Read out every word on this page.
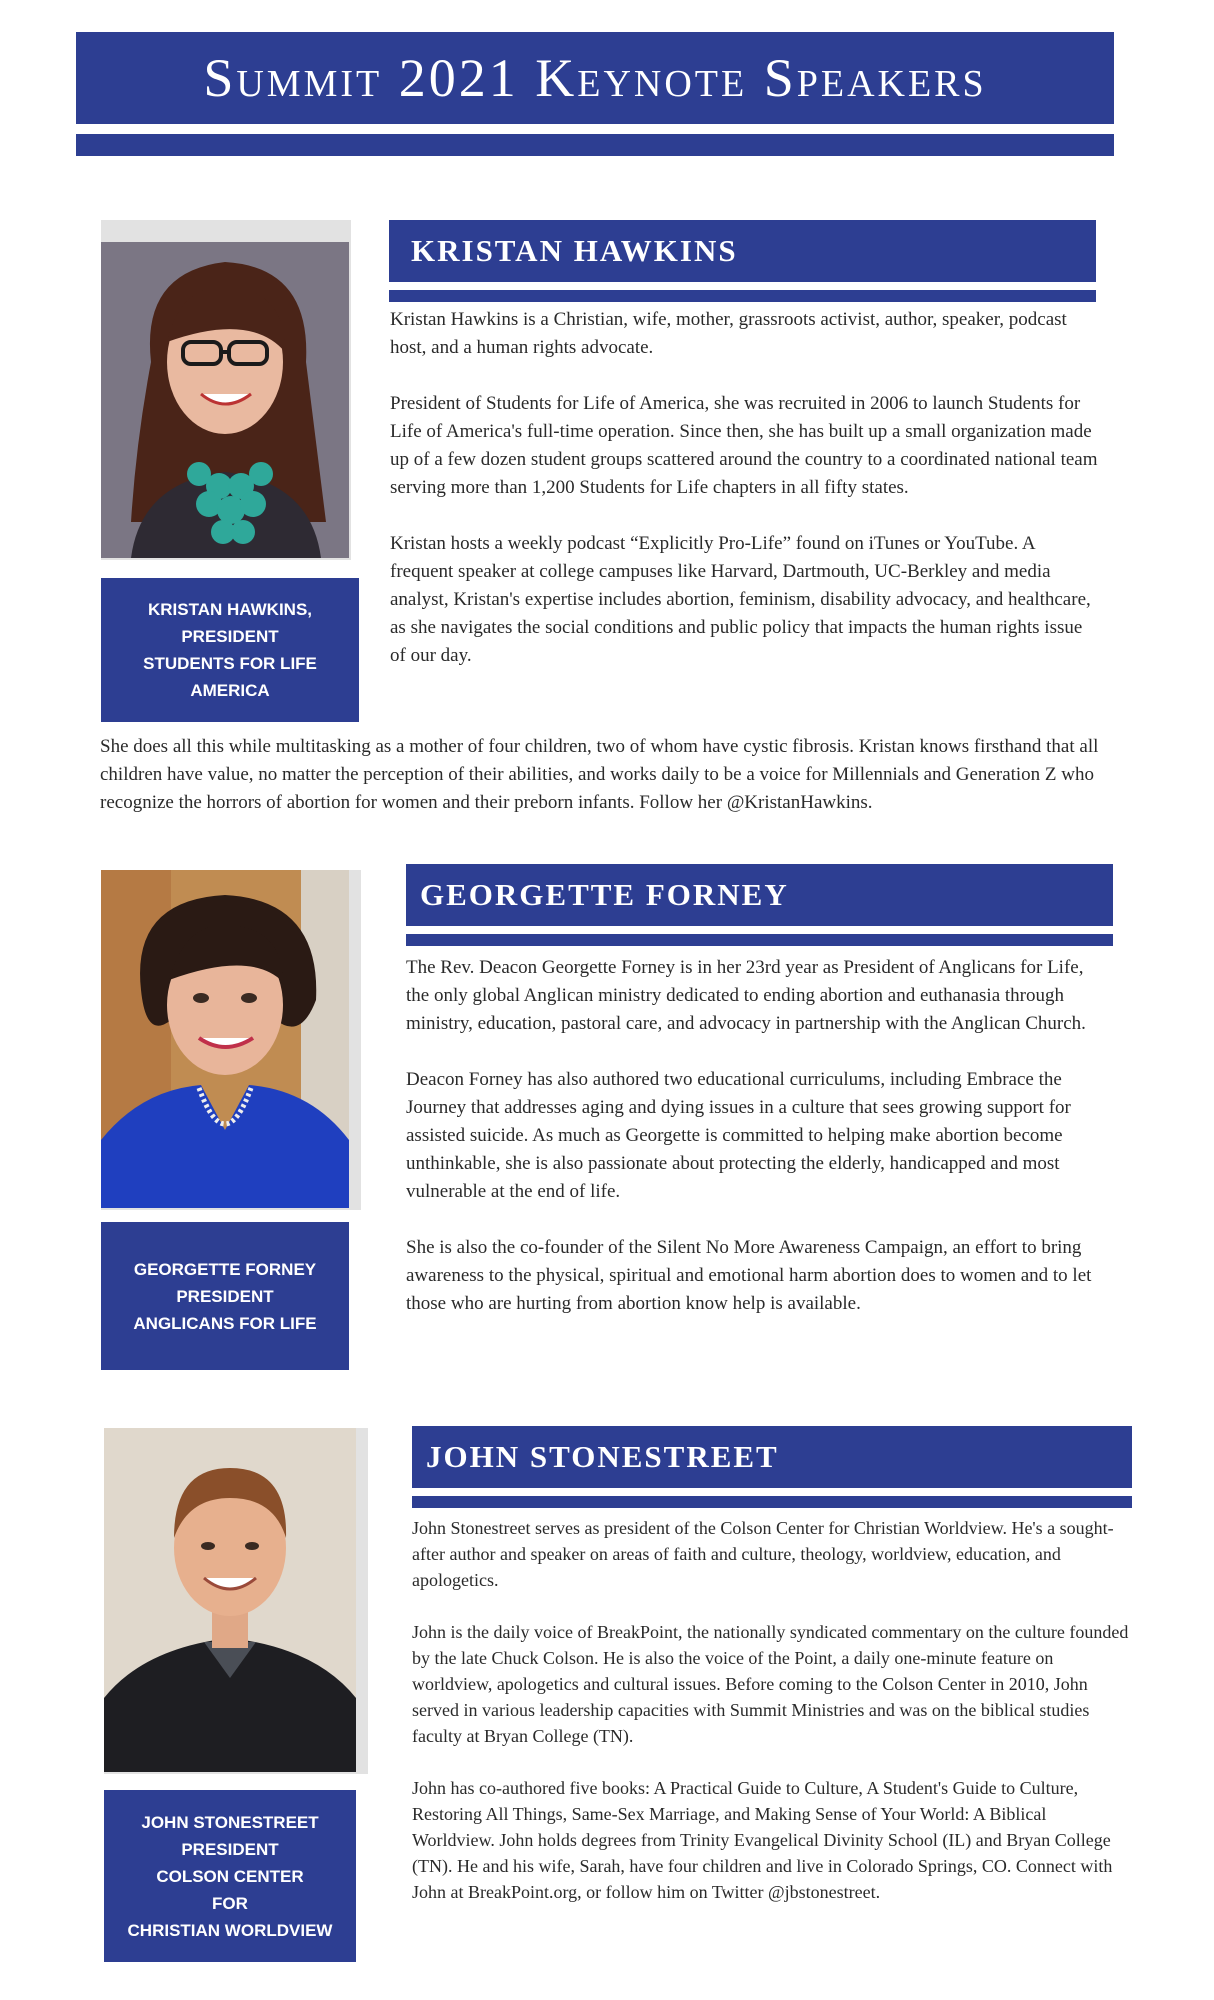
Summit 2021 Keynote Speakers
KRISTAN HAWKINS,
PRESIDENT
STUDENTS FOR LIFE
AMERICA
KRISTAN HAWKINS

Kristan Hawkins is a Christian, wife, mother, grassroots activist, author, speaker, podcast host, and a human rights advocate.

President of Students for Life of America, she was recruited in 2006 to launch Students for Life of America's full-time operation. Since then, she has built up a small organization made up of a few dozen student groups scattered around the country to a coordinated national team serving more than 1,200 Students for Life chapters in all fifty states.

Kristan hosts a weekly podcast “Explicitly Pro-Life” found on iTunes or YouTube. A frequent speaker at college campuses like Harvard, Dartmouth, UC-Berkley and media analyst, Kristan's expertise includes abortion, feminism, disability advocacy, and healthcare, as she navigates the social conditions and public policy that impacts the human rights issue of our day.

She does all this while multitasking as a mother of four children, two of whom have cystic fibrosis. Kristan knows firsthand that all children have value, no matter the perception of their abilities, and works daily to be a voice for Millennials and Generation Z who recognize the horrors of abortion for women and their preborn infants. Follow her @KristanHawkins.

GEORGETTE FORNEY
PRESIDENT
ANGLICANS FOR LIFE
GEORGETTE FORNEY

The Rev. Deacon Georgette Forney is in her 23rd year as President of Anglicans for Life, the only global Anglican ministry dedicated to ending abortion and euthanasia through ministry, education, pastoral care, and advocacy in partnership with the Anglican Church.

Deacon Forney has also authored two educational curriculums, including Embrace the Journey that addresses aging and dying issues in a culture that sees growing support for assisted suicide. As much as Georgette is committed to helping make abortion become unthinkable, she is also passionate about protecting the elderly, handicapped and most vulnerable at the end of life.

She is also the co-founder of the Silent No More Awareness Campaign, an effort to bring awareness to the physical, spiritual and emotional harm abortion does to women and to let those who are hurting from abortion know help is available.

JOHN STONESTREET
PRESIDENT
COLSON CENTER
FOR
CHRISTIAN WORLDVIEW
JOHN STONESTREET

John Stonestreet serves as president of the Colson Center for Christian Worldview. He's a sought-after author and speaker on areas of faith and culture, theology, worldview, education, and apologetics.

John is the daily voice of BreakPoint, the nationally syndicated commentary on the culture founded by the late Chuck Colson. He is also the voice of the Point, a daily one-minute feature on worldview, apologetics and cultural issues. Before coming to the Colson Center in 2010, John served in various leadership capacities with Summit Ministries and was on the biblical studies faculty at Bryan College (TN).

John has co-authored five books: A Practical Guide to Culture, A Student's Guide to Culture, Restoring All Things, Same-Sex Marriage, and Making Sense of Your World: A Biblical Worldview. John holds degrees from Trinity Evangelical Divinity School (IL) and Bryan College (TN). He and his wife, Sarah, have four children and live in Colorado Springs, CO. Connect with John at BreakPoint.org, or follow him on Twitter @jbstonestreet.
